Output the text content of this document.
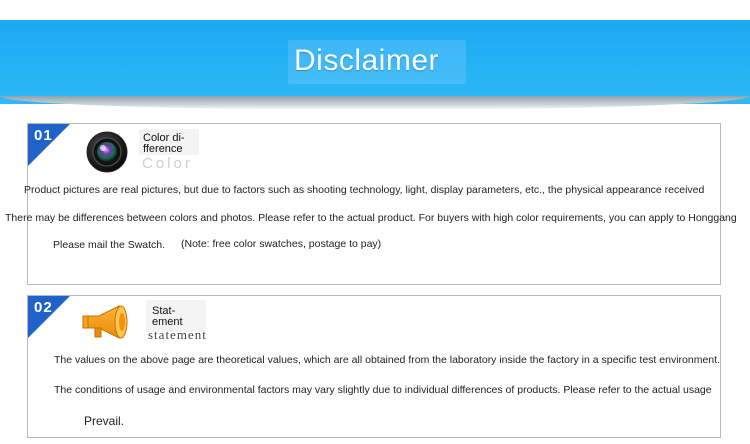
Disclaimer
01	Color di-
fference
Color
Product pictures are real pictures, but due to factors such as shooting technology, light, display parameters, etc., the physical appearance received
There may be differences between colors and photos. Please refer to the actual product. For buyers with high color requirements, you can apply to Honggang
Please mail the Swatch. (Note: free color swatches, postage to pay)
02	Stat-
ement
statement
The values on the above page are theoretical values, which are all obtained from the laboratory inside the factory in a specific test environment.
The conditions of usage and environmental factors may vary slightly due to individual differences of products. Please refer to the actual usage
Prevail.
